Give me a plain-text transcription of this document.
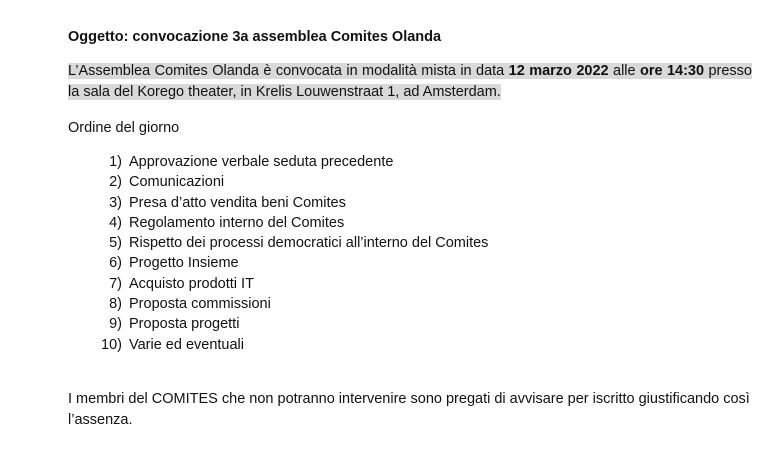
Oggetto: convocazione 3a assemblea Comites Olanda
L’Assemblea Comites Olanda è convocata in modalità mista in data 12 marzo 2022 alle ore 14:30 presso la sala del Korego theater, in Krelis Louwenstraat 1, ad Amsterdam.
Ordine del giorno
1) Approvazione verbale seduta precedente
2) Comunicazioni
3) Presa d’atto vendita beni Comites
4) Regolamento interno del Comites
5) Rispetto dei processi democratici all’interno del Comites
6) Progetto Insieme
7) Acquisto prodotti IT
8) Proposta commissioni
9) Proposta progetti
10) Varie ed eventuali
I membri del COMITES che non potranno intervenire sono pregati di avvisare per iscritto giustificando così l’assenza.
